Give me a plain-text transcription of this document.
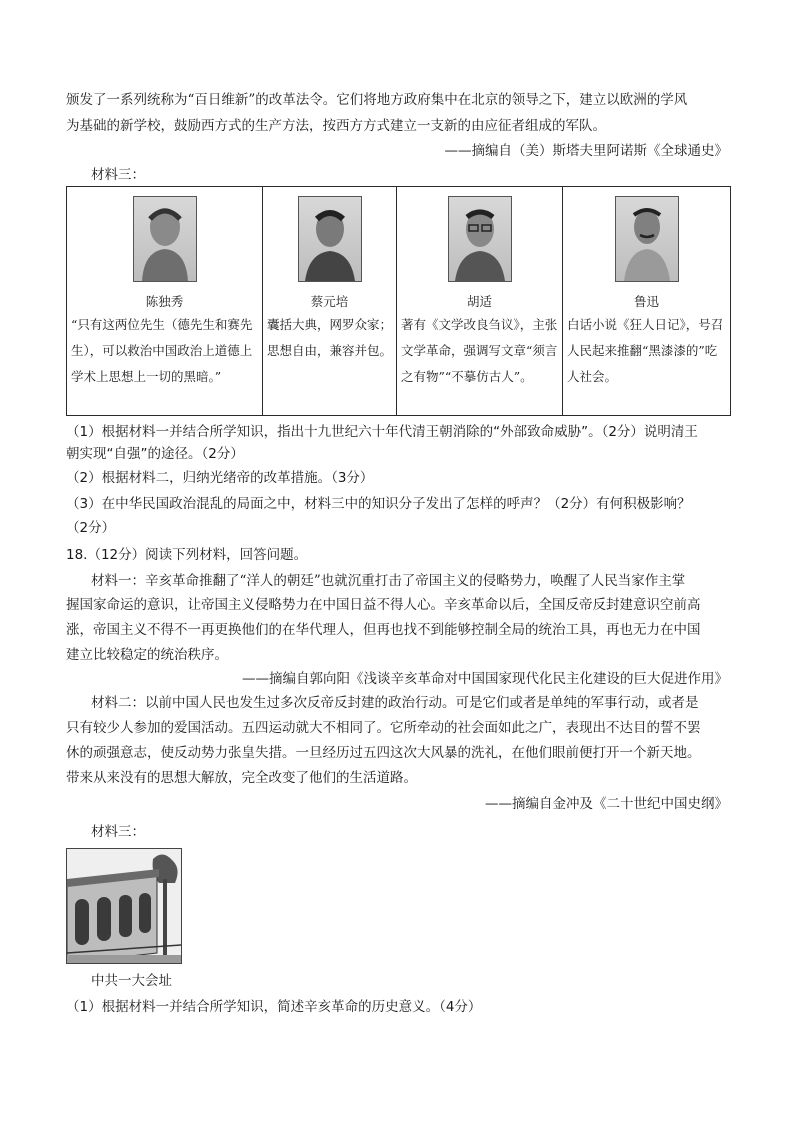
颁发了一系列统称为“百日维新”的改革法令。它们将地方政府集中在北京的领导之下，建立以欧洲的学风
为基础的新学校，鼓励西方式的生产方法，按西方方式建立一支新的由应征者组成的军队。
——摘编自（美）斯塔夫里阿诺斯《全球通史》
材料三：
陈独秀
“只有这两位先生（德先生和赛先生），可以救治中国政治上道德上学术上思想上一切的黑暗。”

蔡元培
囊括大典，网罗众家；思想自由，兼容并包。

胡适
著有《文学改良刍议》，主张文学革命，强调写文章“须言之有物”“不摹仿古人”。

鲁迅
白话小说《狂人日记》，号召人民起来推翻“黑漆漆的”吃人社会。
（1）根据材料一并结合所学知识，指出十九世纪六十年代清王朝消除的“外部致命威胁”。（2分）说明清王
朝实现“自强”的途径。（2分）
（2）根据材料二，归纳光绪帝的改革措施。（3分）
（3）在中华民国政治混乱的局面之中，材料三中的知识分子发出了怎样的呼声？（2分）有何积极影响？
（2分）
18.（12分）阅读下列材料，回答问题。
材料一：辛亥革命推翻了“洋人的朝廷”也就沉重打击了帝国主义的侵略势力，唤醒了人民当家作主掌
握国家命运的意识，让帝国主义侵略势力在中国日益不得人心。辛亥革命以后，全国反帝反封建意识空前高
涨，帝国主义不得不一再更换他们的在华代理人，但再也找不到能够控制全局的统治工具，再也无力在中国
建立比较稳定的统治秩序。
——摘编自郭向阳《浅谈辛亥革命对中国国家现代化民主化建设的巨大促进作用》
材料二：以前中国人民也发生过多次反帝反封建的政治行动。可是它们或者是单纯的军事行动，或者是
只有较少人参加的爱国活动。五四运动就大不相同了。它所牵动的社会面如此之广，表现出不达目的誓不罢
休的顽强意志，使反动势力张皇失措。一旦经历过五四这次大风暴的洗礼，在他们眼前便打开一个新天地。
带来从来没有的思想大解放，完全改变了他们的生活道路。
——摘编自金冲及《二十世纪中国史纲》
材料三：
中共一大会址
（1）根据材料一并结合所学知识，简述辛亥革命的历史意义。（4分）
